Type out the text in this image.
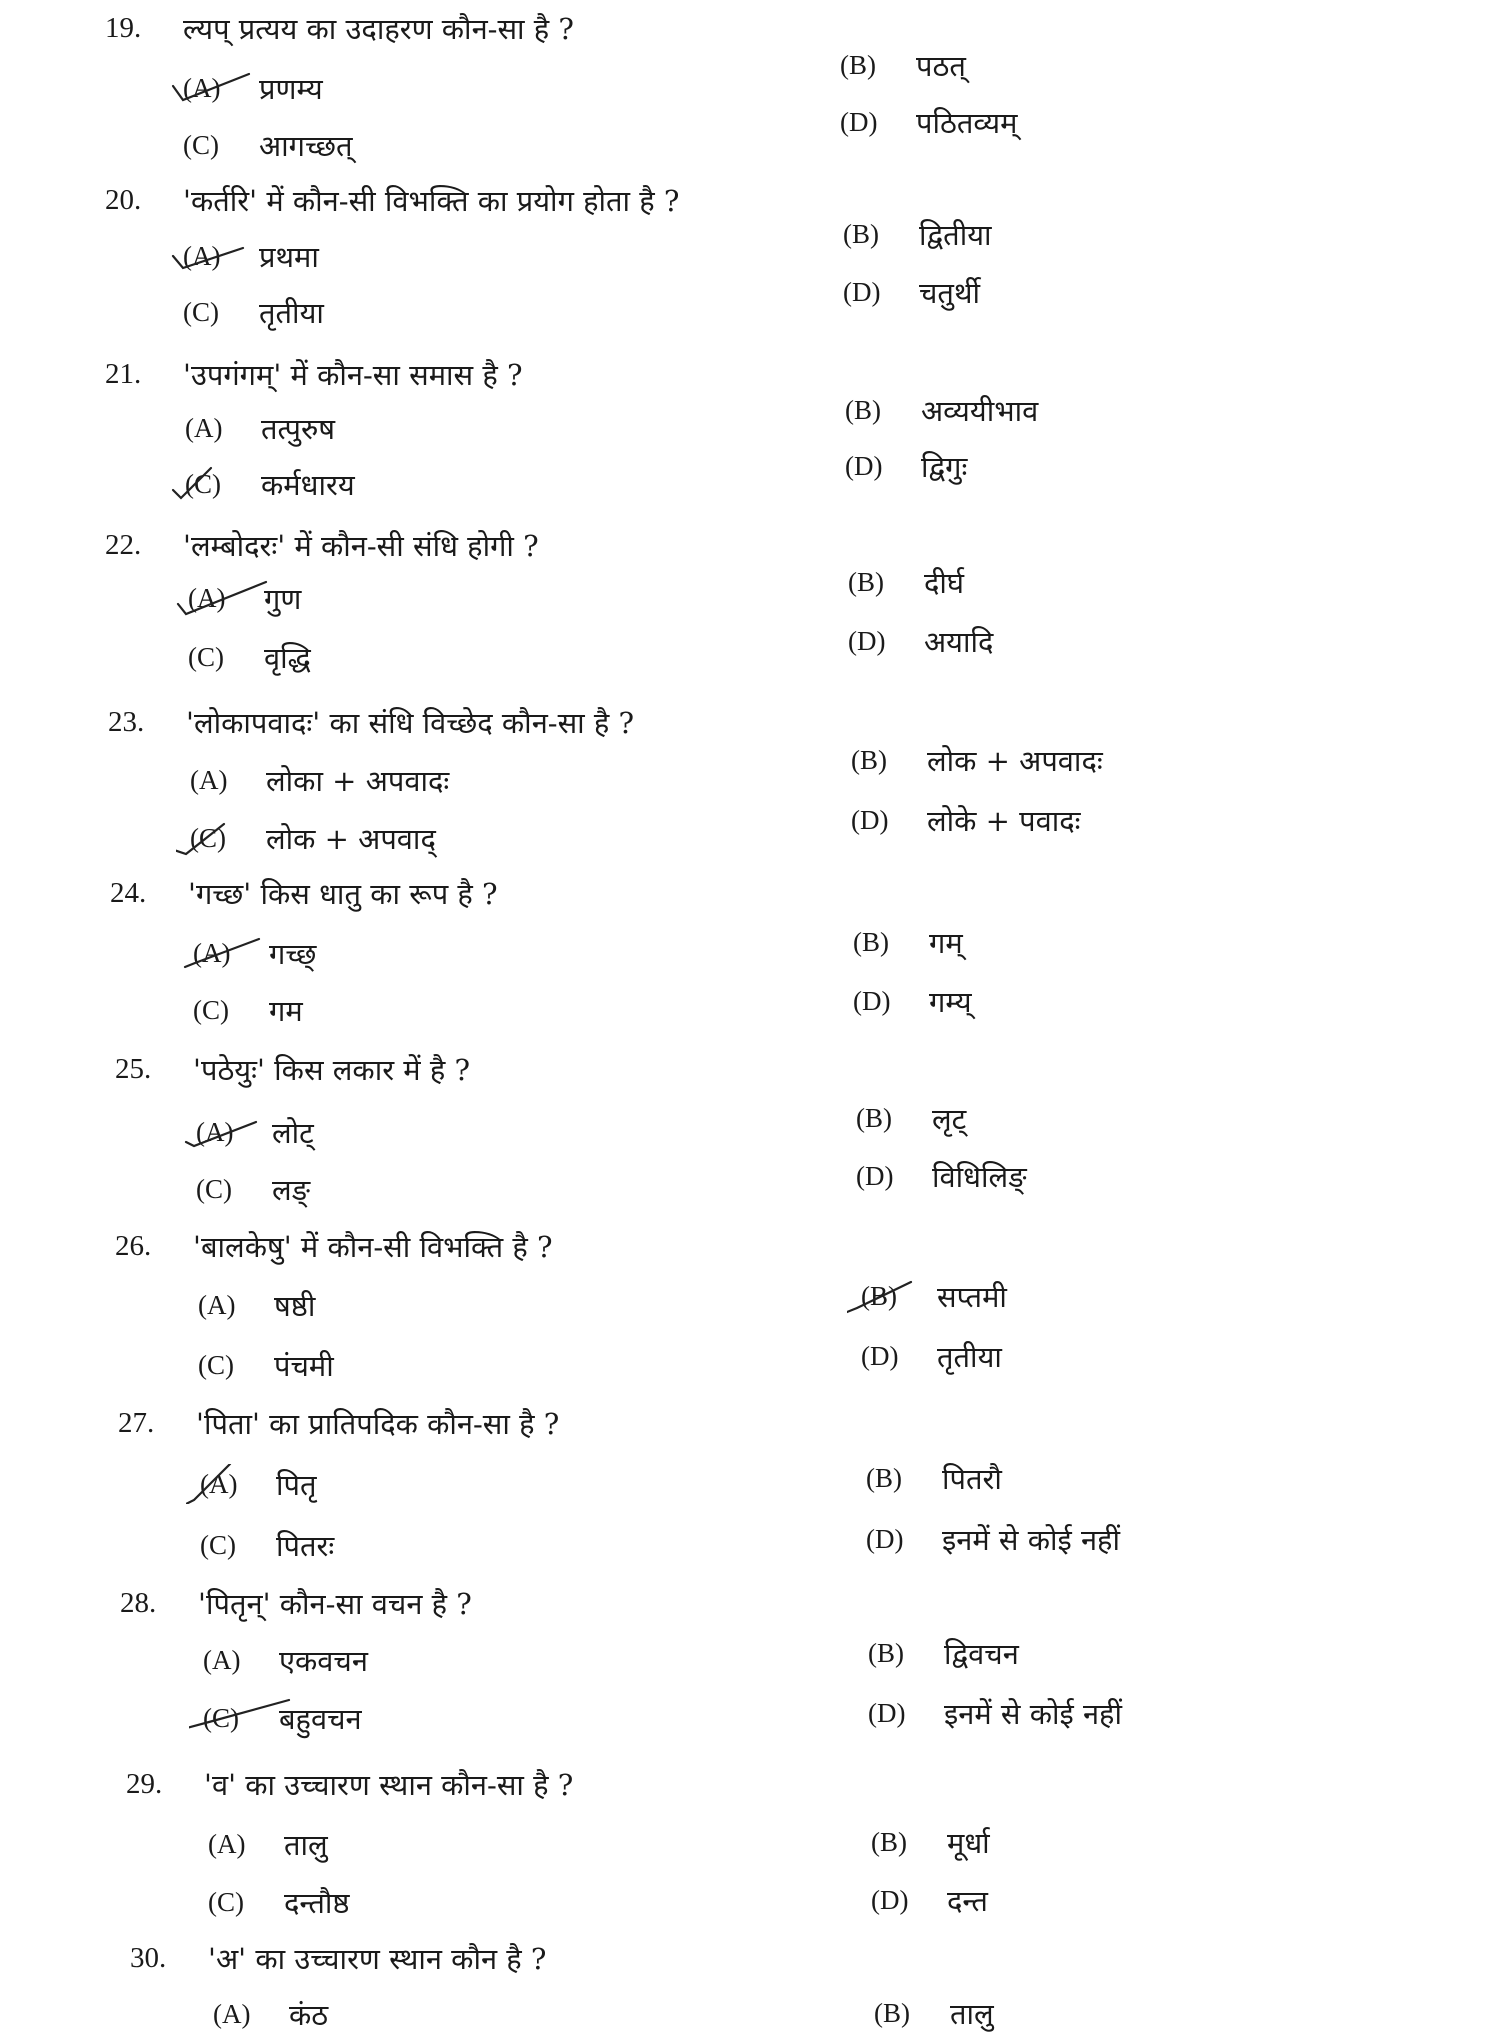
19.	ल्यप् प्रत्यय का उदाहरण कौन-सा है ?
(A)	प्रणम्य
(B)	पठत्
(C)	आगच्छत्
(D)	पठितव्यम्
20.	'कर्तरि' में कौन-सी विभक्ति का प्रयोग होता है ?
(A)	प्रथमा
(B)	द्वितीया
(C)	तृतीया
(D)	चतुर्थी
21.	'उपगंगम्' में कौन-सा समास है ?
(A)	तत्पुरुष
(B)	अव्ययीभाव
(C)	कर्मधारय
(D)	द्विगुः
22.	'लम्बोदरः' में कौन-सी संधि होगी ?
(A)	गुण	(B)	दीर्घ
(C)	वृद्धि	(D)	अयादि
23.	'लोकापवादः' का संधि विच्छेद कौन-सा है ?
(A)	लोका + अपवादः
(B)	लोक + अपवादः
(C)	लोक + अपवाद्
(D)	लोके + पवादः
24.	'गच्छ' किस धातु का रूप है ?
(A)	गच्छ्	(B)	गम्
(C)	गम	(D)	गम्य्
25.	'पठेयुः' किस लकार में है ?
(A)	लोट्	(B)	लृट्
(C)	लङ्	(D)	विधिलिङ्
26.	'बालकेषु' में कौन-सी विभक्ति है ?
(A)	षष्ठी	(B)	सप्तमी
(C)	पंचमी	(D)	तृतीया
27.	'पिता' का प्रातिपदिक कौन-सा है ?
(A)	पितृ	(B)	पितरौ
(C)	पितरः	(D)	इनमें से कोई नहीं
28.	'पितृन्' कौन-सा वचन है ?
(A)	एकवचन	(B)	द्विवचन
(C)	बहुवचन	(D)	इनमें से कोई नहीं
29.	'व' का उच्चारण स्थान कौन-सा है ?
(A)	तालु	(B)	मूर्धा
(C)	दन्तौष्ठ	(D)	दन्त
30.	'अ' का उच्चारण स्थान कौन है ?
(A)	कंठ	(B)	तालु
